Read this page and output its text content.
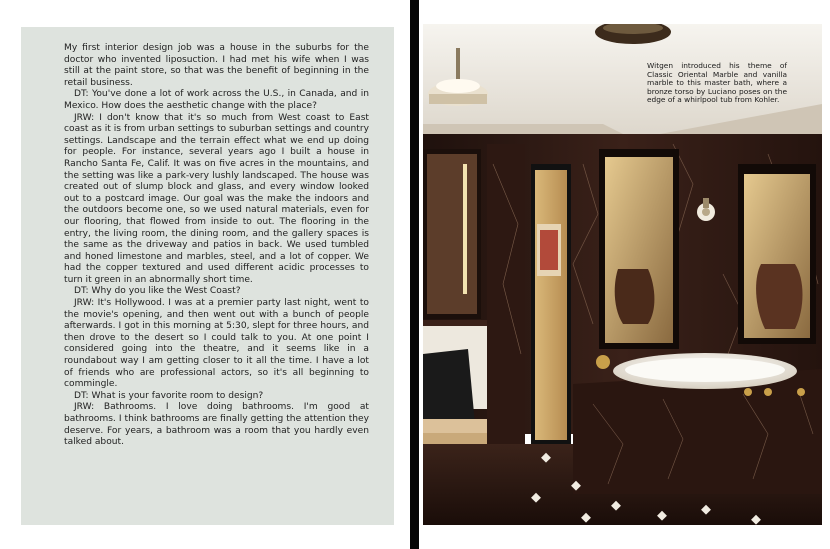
My first interior design job was a house in the suburbs for the doctor who invented liposuction. I had met his wife when I was still at the paint store, so that was the benefit of beginning in the retail business.

DT: You've done a lot of work across the U.S., in Canada, and in Mexico. How does the aesthetic change with the place?

JRW: I don't know that it's so much from West coast to East coast as it is from urban settings to suburban settings and country settings. Landscape and the terrain effect what we end up doing for people. For instance, several years ago I built a house in Rancho Santa Fe, Calif. It was on five acres in the mountains, and the setting was like a park-very lushly landscaped. The house was created out of slump block and glass, and every window looked out to a postcard image. Our goal was the make the indoors and the outdoors become one, so we used natural materials, even for our flooring, that flowed from inside to out. The flooring in the entry, the living room, the dining room, and the gallery spaces is the same as the driveway and patios in back. We used tumbled and honed limestone and marbles, steel, and a lot of copper. We had the copper textured and used different acidic processes to turn it green in an abnormally short time.

DT: Why do you like the West Coast?

JRW: It's Hollywood. I was at a premier party last night, went to the movie's opening, and then went out with a bunch of people afterwards. I got in this morning at 5:30, slept for three hours, and then drove to the desert so I could talk to you. At one point I considered going into the theatre, and it seems like in a roundabout way I am getting closer to it all the time. I have a lot of friends who are professional actors, so it's all beginning to commingle.

DT: What is your favorite room to design?

JRW: Bathrooms. I love doing bathrooms. I'm good at bathrooms. I think bathrooms are finally getting the attention they deserve. For years, a bathroom was a room that you hardly even talked about.

Witgen introduced his theme of Classic Oriental Marble and vanilla marble to this master bath, where a bronze torso by Luciano poses on the edge of a whirlpool tub from Kohler.
